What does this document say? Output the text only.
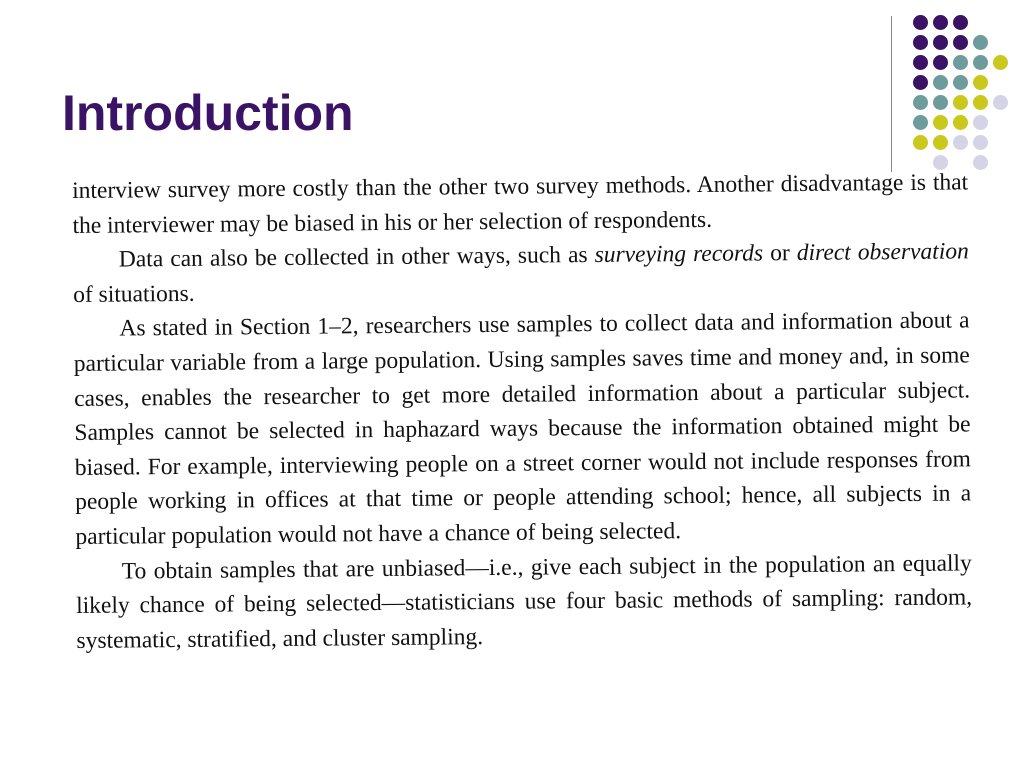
Introduction

interview survey more costly than the other two survey methods. Another disadvantage is that the interviewer may be biased in his or her selection of respondents.

Data can also be collected in other ways, such as surveying records or direct observation of situations.

As stated in Section 1–2, researchers use samples to collect data and information about a particular variable from a large population. Using samples saves time and money and, in some cases, enables the researcher to get more detailed information about a particular subject. Samples cannot be selected in haphazard ways because the information obtained might be biased. For example, interviewing people on a street corner would not include responses from people working in offices at that time or people attending school; hence, all subjects in a particular population would not have a chance of being selected.

To obtain samples that are unbiased—i.e., give each subject in the population an equally likely chance of being selected—statisticians use four basic methods of sampling: random, systematic, stratified, and cluster sampling.
